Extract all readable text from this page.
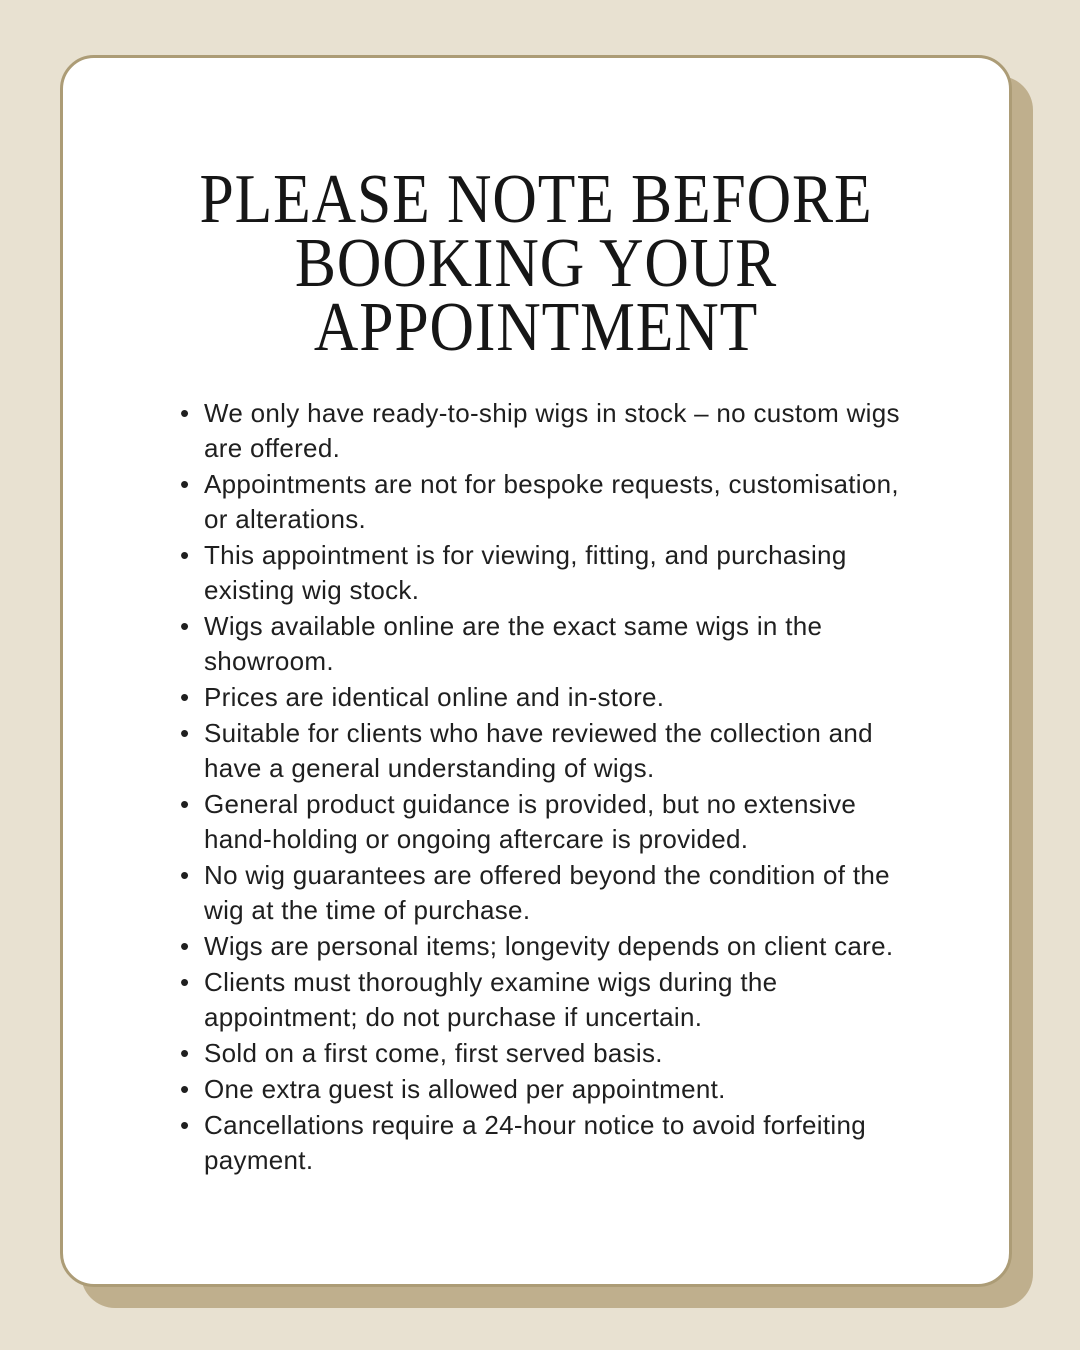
PLEASE NOTE BEFORE BOOKING YOUR APPOINTMENT
• We only have ready-to-ship wigs in stock – no custom wigs are offered.
• Appointments are not for bespoke requests, customisation, or alterations.
• This appointment is for viewing, fitting, and purchasing existing wig stock.
• Wigs available online are the exact same wigs in the showroom.
• Prices are identical online and in-store.
• Suitable for clients who have reviewed the collection and have a general understanding of wigs.
• General product guidance is provided, but no extensive hand-holding or ongoing aftercare is provided.
• No wig guarantees are offered beyond the condition of the wig at the time of purchase.
• Wigs are personal items; longevity depends on client care.
• Clients must thoroughly examine wigs during the appointment; do not purchase if uncertain.
• Sold on a first come, first served basis.
• One extra guest is allowed per appointment.
• Cancellations require a 24-hour notice to avoid forfeiting payment.
